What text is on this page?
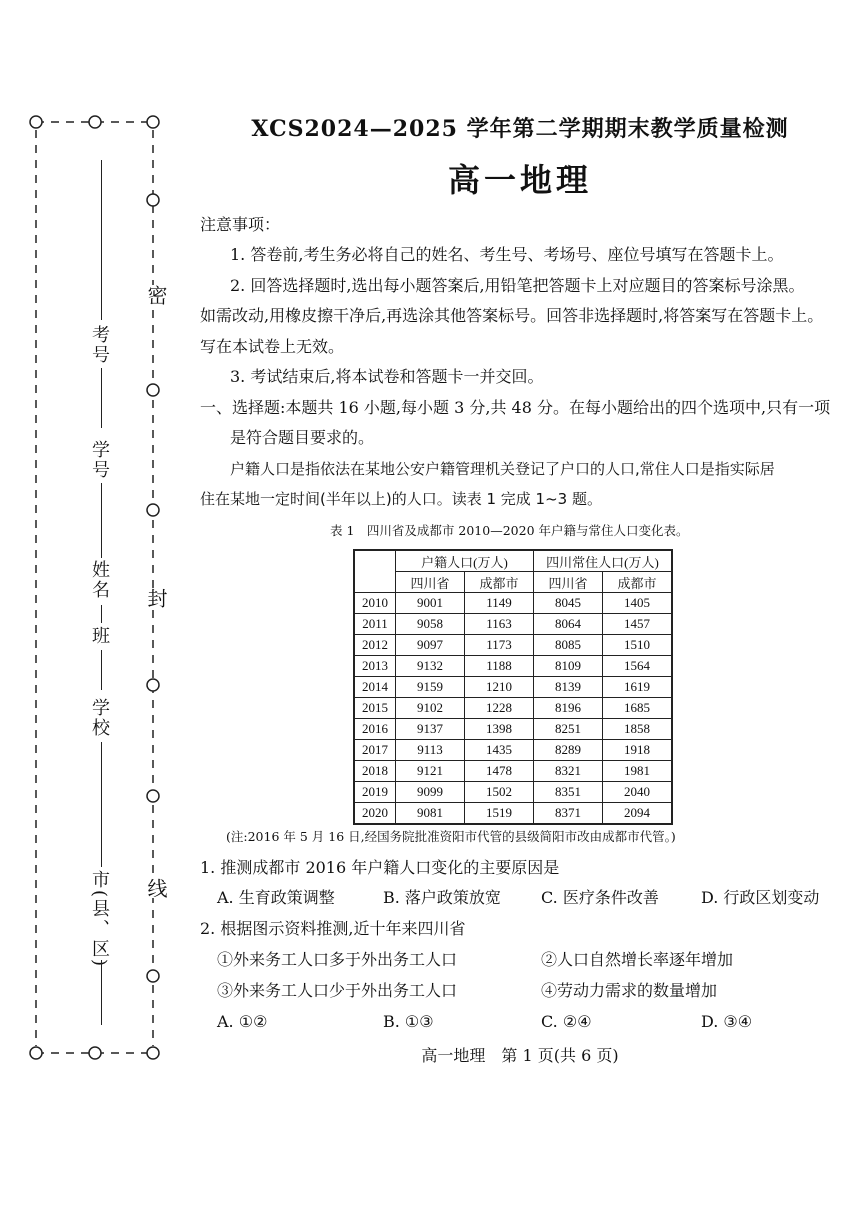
密
封
线
考号
学号
姓名
班
学校
市(县、区)
XCS2024—2025 学年第二学期期末教学质量检测
高一地理
注意事项：
1. 答卷前,考生务必将自己的姓名、考生号、考场号、座位号填写在答题卡上。
2. 回答选择题时,选出每小题答案后,用铅笔把答题卡上对应题目的答案标号涂黑。
如需改动,用橡皮擦干净后,再选涂其他答案标号。回答非选择题时,将答案写在答题卡上。
写在本试卷上无效。
3. 考试结束后,将本试卷和答题卡一并交回。
一、选择题:本题共 16 小题,每小题 3 分,共 48 分。在每小题给出的四个选项中,只有一项
是符合题目要求的。
户籍人口是指依法在某地公安户籍管理机关登记了户口的人口,常住人口是指实际居
住在某地一定时间(半年以上)的人口。读表 1 完成 1~3 题。
表 1　四川省及成都市 2010—2020 年户籍与常住人口变化表。
	户籍人口(万人)		四川常住人口(万人)	
	四川省	成都市	四川省	成都市
2010	9001	1149	8045	1405
2011	9058	1163	8064	1457
2012	9097	1173	8085	1510
2013	9132	1188	8109	1564
2014	9159	1210	8139	1619
2015	9102	1228	8196	1685
2016	9137	1398	8251	1858
2017	9113	1435	8289	1918
2018	9121	1478	8321	1981
2019	9099	1502	8351	2040
2020	9081	1519	8371	2094
(注:2016 年 5 月 16 日,经国务院批准资阳市代管的县级简阳市改由成都市代管。)
1. 推测成都市 2016 年户籍人口变化的主要原因是
A. 生育政策调整	B. 落户政策放宽	C. 医疗条件改善	D. 行政区划变动
2. 根据图示资料推测,近十年来四川省
①外来务工人口多于外出务工人口	②人口自然增长率逐年增加
③外来务工人口少于外出务工人口	④劳动力需求的数量增加
A. ①②	B. ①③	C. ②④	D. ③④
高一地理　第 1 页(共 6 页)
